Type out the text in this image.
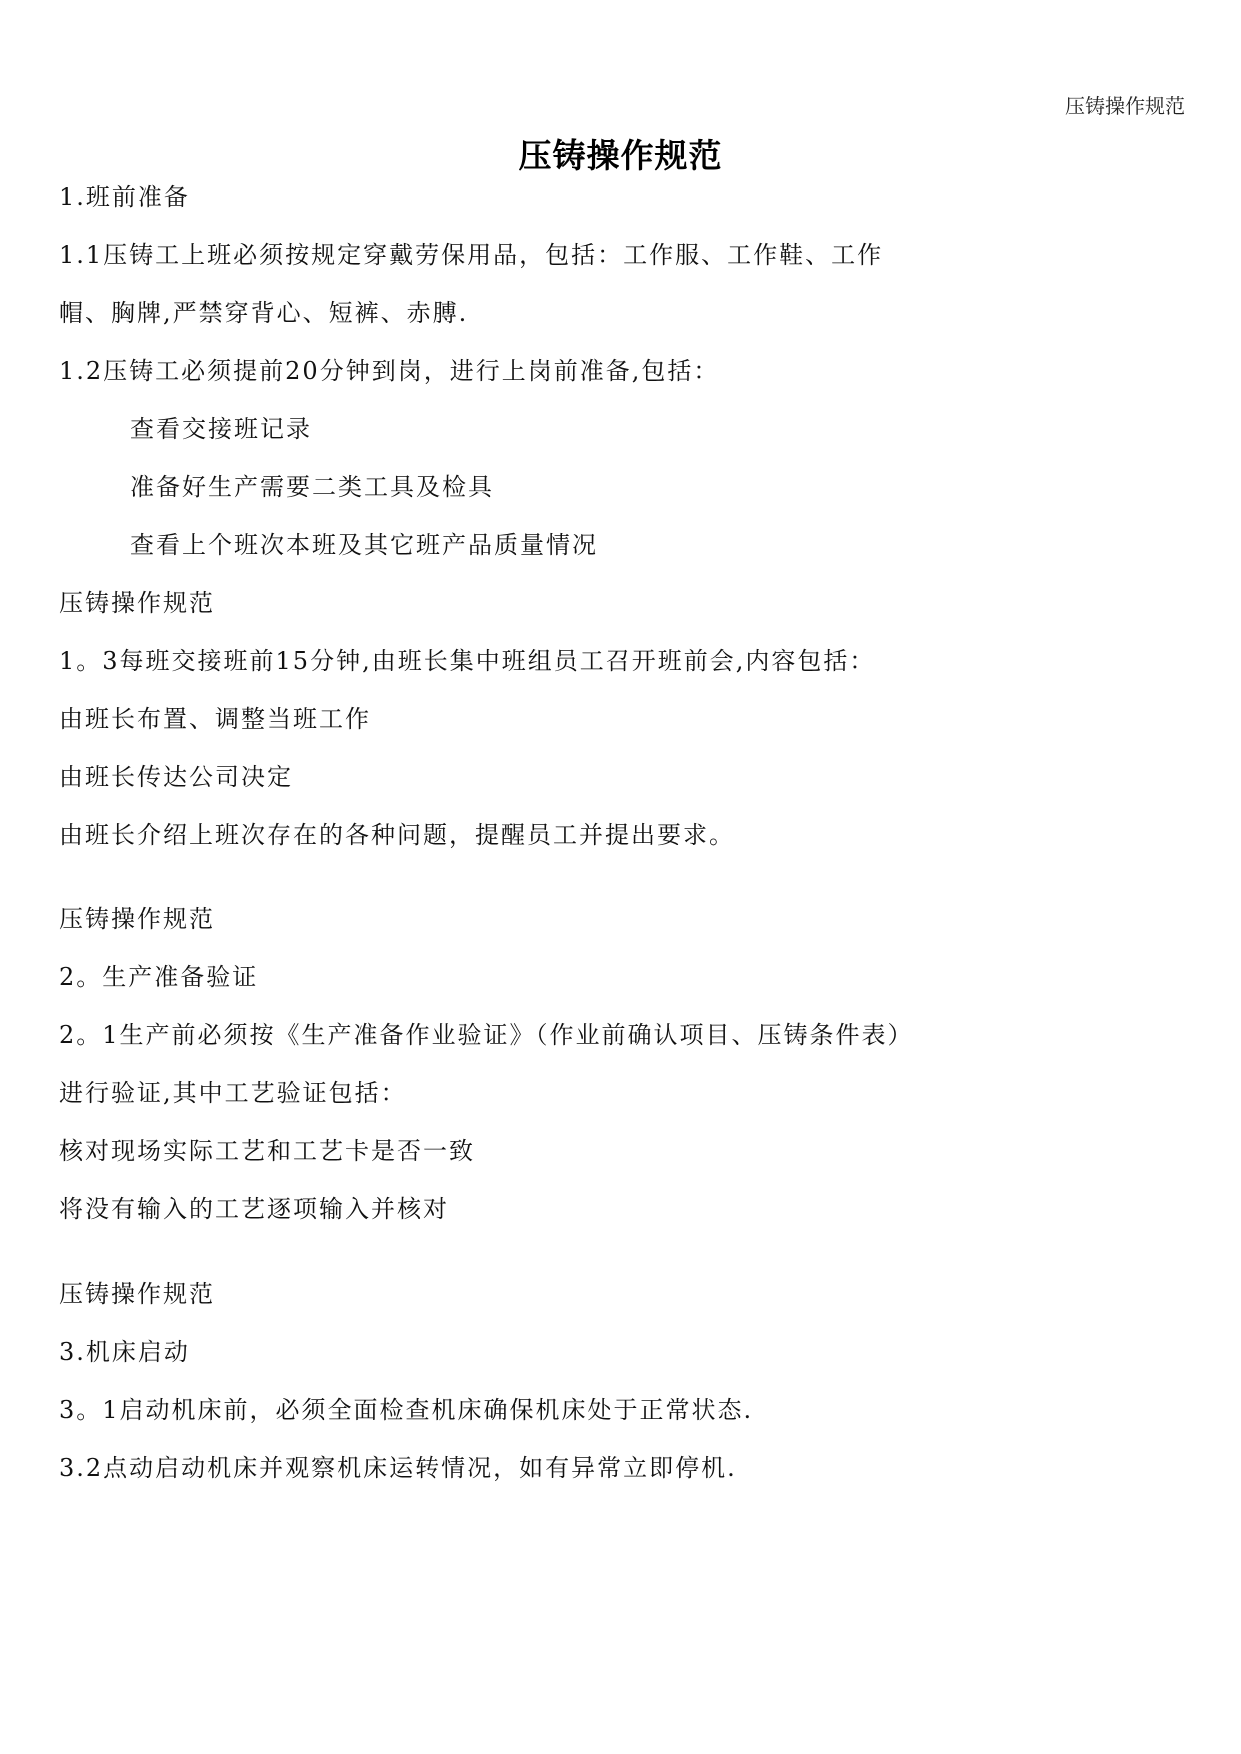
压铸操作规范
压铸操作规范
1.班前准备
1.1压铸工上班必须按规定穿戴劳保用品，包括：工作服、工作鞋、工作
帽、胸牌,严禁穿背心、短裤、赤膊.
1.2压铸工必须提前20分钟到岗，进行上岗前准备,包括：
查看交接班记录
准备好生产需要二类工具及检具
查看上个班次本班及其它班产品质量情况
压铸操作规范
1。3每班交接班前15分钟,由班长集中班组员工召开班前会,内容包括：
由班长布置、调整当班工作
由班长传达公司决定
由班长介绍上班次存在的各种问题，提醒员工并提出要求。
压铸操作规范
2。生产准备验证
2。1生产前必须按《生产准备作业验证》（作业前确认项目、压铸条件表）
进行验证,其中工艺验证包括：
核对现场实际工艺和工艺卡是否一致
将没有输入的工艺逐项输入并核对
压铸操作规范
3.机床启动
3。1启动机床前，必须全面检查机床确保机床处于正常状态.
3.2点动启动机床并观察机床运转情况，如有异常立即停机.
